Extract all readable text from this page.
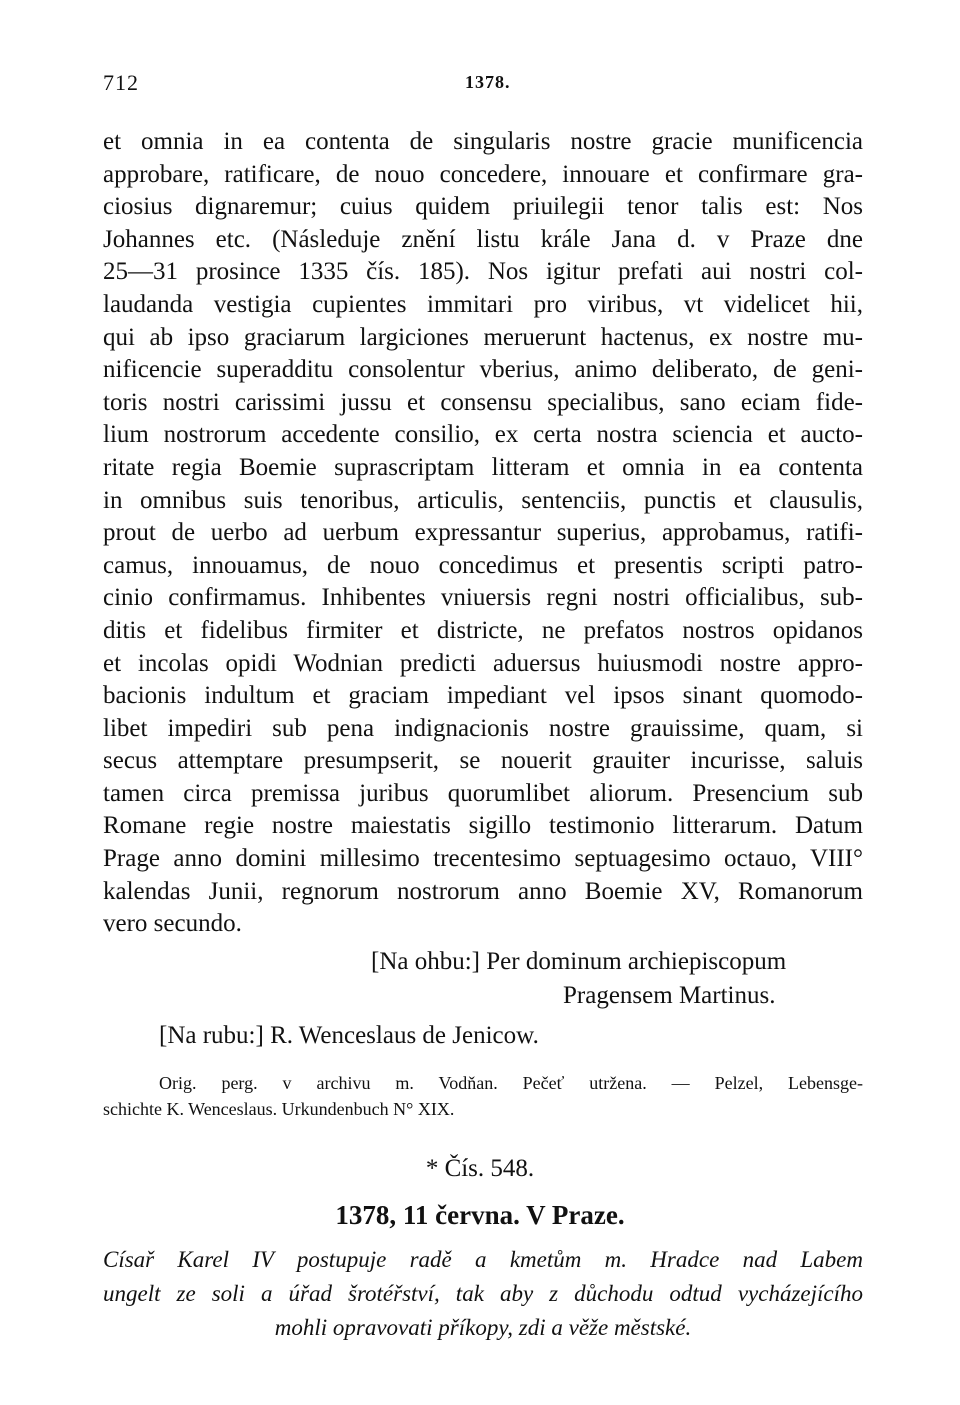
712	1378.
et omnia in ea contenta de singularis nostre gracie munificencia
approbare, ratificare, de nouo concedere, innouare et confirmare gra-
ciosius dignaremur; cuius quidem priuilegii tenor talis est: Nos
Johannes etc. (Následuje znění listu krále Jana d. v Praze dne
25—31 prosince 1335 čís. 185). Nos igitur prefati aui nostri col-
laudanda vestigia cupientes immitari pro viribus, vt videlicet hii,
qui ab ipso graciarum largiciones meruerunt hactenus, ex nostre mu-
nificencie superadditu consolentur vberius, animo deliberato, de geni-
toris nostri carissimi jussu et consensu specialibus, sano eciam fide-
lium nostrorum accedente consilio, ex certa nostra sciencia et aucto-
ritate regia Boemie suprascriptam litteram et omnia in ea contenta
in omnibus suis tenoribus, articulis, sentenciis, punctis et clausulis,
prout de uerbo ad uerbum expressantur superius, approbamus, ratifi-
camus, innouamus, de nouo concedimus et presentis scripti patro-
cinio confirmamus. Inhibentes vniuersis regni nostri officialibus, sub-
ditis et fidelibus firmiter et districte, ne prefatos nostros opidanos
et incolas opidi Wodnian predicti aduersus huiusmodi nostre appro-
bacionis indultum et graciam impediant vel ipsos sinant quomodo-
libet impediri sub pena indignacionis nostre grauissime, quam, si
secus attemptare presumpserit, se nouerit grauiter incurisse, saluis
tamen circa premissa juribus quorumlibet aliorum. Presencium sub
Romane regie nostre maiestatis sigillo testimonio litterarum. Datum
Prage anno domini millesimo trecentesimo septuagesimo octauo, VIII°
kalendas Junii, regnorum nostrorum anno Boemie XV, Romanorum
vero secundo.
[Na ohbu:] Per dominum archiepiscopum
Pragensem Martinus.
[Na rubu:] R. Wenceslaus de Jenicow.
Orig. perg. v archivu m. Vodňan. Pečeť utržena. — Pelzel, Lebensge-
schichte K. Wenceslaus. Urkundenbuch N° XIX.
* Čís. 548.
1378, 11 června. V Praze.
Císař Karel IV postupuje radě a kmetům m. Hradce nad Labem
ungelt ze soli a úřad šrotéřství, tak aby z důchodu odtud vycházejícího
mohli opravovati příkopy, zdi a věže městské.
